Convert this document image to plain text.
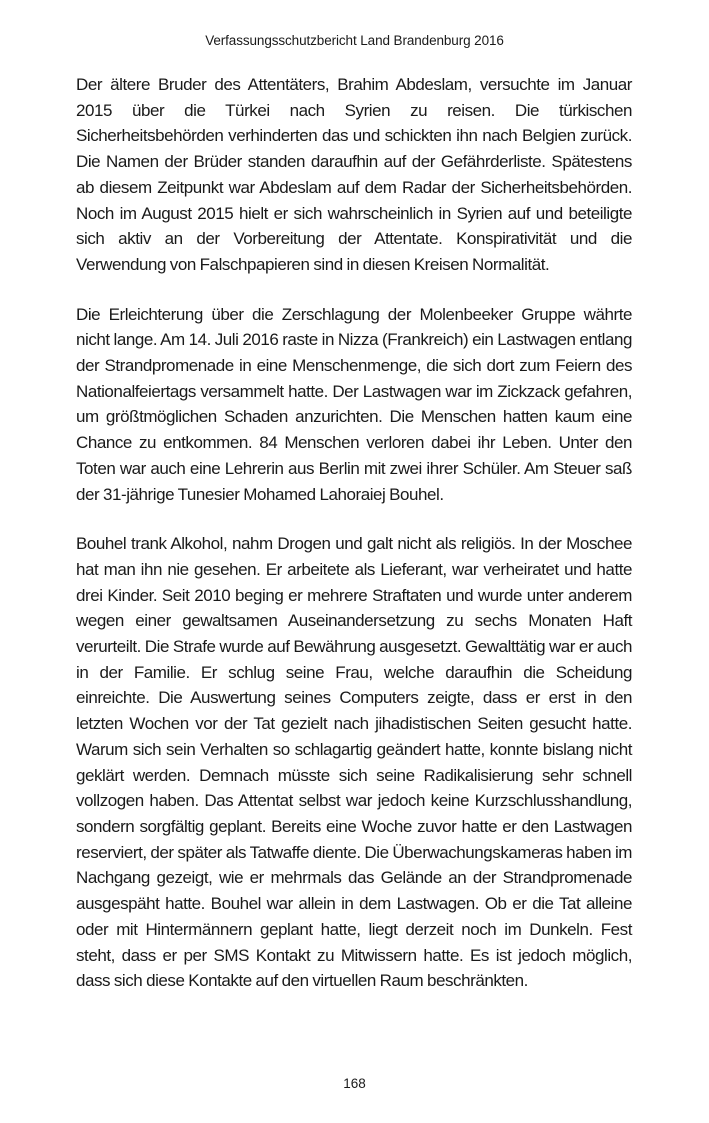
Verfassungsschutzbericht Land Brandenburg 2016

Der ältere Bruder des Attentäters, Brahim Abdeslam, versuchte im Januar 2015 über die Türkei nach Syrien zu reisen. Die türkischen Sicherheitsbehörden verhinderten das und schickten ihn nach Belgien zurück. Die Namen der Brüder standen daraufhin auf der Gefährderliste. Spätestens ab diesem Zeitpunkt war Abdeslam auf dem Radar der Sicherheitsbehörden. Noch im August 2015 hielt er sich wahrscheinlich in Syrien auf und beteiligte sich aktiv an der Vorbereitung der Attentate. Konspirativität und die Verwendung von Falschpapieren sind in diesen Kreisen Normalität.

Die Erleichterung über die Zerschlagung der Molenbeeker Gruppe währte nicht lange. Am 14. Juli 2016 raste in Nizza (Frankreich) ein Lastwagen entlang der Strandpromenade in eine Menschenmenge, die sich dort zum Feiern des Nationalfeiertags versammelt hatte. Der Lastwagen war im Zickzack gefahren, um größtmöglichen Schaden anzurichten. Die Menschen hatten kaum eine Chance zu entkommen. 84 Menschen verloren dabei ihr Leben. Unter den Toten war auch eine Lehrerin aus Berlin mit zwei ihrer Schüler. Am Steuer saß der 31-jährige Tunesier Mohamed Lahoraiej Bouhel.

Bouhel trank Alkohol, nahm Drogen und galt nicht als religiös. In der Moschee hat man ihn nie gesehen. Er arbeitete als Lieferant, war verheiratet und hatte drei Kinder. Seit 2010 beging er mehrere Straftaten und wurde unter anderem wegen einer gewaltsamen Auseinandersetzung zu sechs Monaten Haft verurteilt. Die Strafe wurde auf Bewährung ausgesetzt. Gewalttätig war er auch in der Familie. Er schlug seine Frau, welche daraufhin die Scheidung einreichte. Die Auswertung seines Computers zeigte, dass er erst in den letzten Wochen vor der Tat gezielt nach jihadistischen Seiten gesucht hatte. Warum sich sein Verhalten so schlagartig geändert hatte, konnte bislang nicht geklärt werden. Demnach müsste sich seine Radikalisierung sehr schnell vollzogen haben. Das Attentat selbst war jedoch keine Kurzschlusshandlung, sondern sorgfältig geplant. Bereits eine Woche zuvor hatte er den Lastwagen reserviert, der später als Tatwaffe diente. Die Überwachungskameras haben im Nachgang gezeigt, wie er mehrmals das Gelände an der Strandpromenade ausgespäht hatte. Bouhel war allein in dem Lastwagen. Ob er die Tat alleine oder mit Hintermännern geplant hatte, liegt derzeit noch im Dunkeln. Fest steht, dass er per SMS Kontakt zu Mitwissern hatte. Es ist jedoch möglich, dass sich diese Kontakte auf den virtuellen Raum beschränkten.

168
